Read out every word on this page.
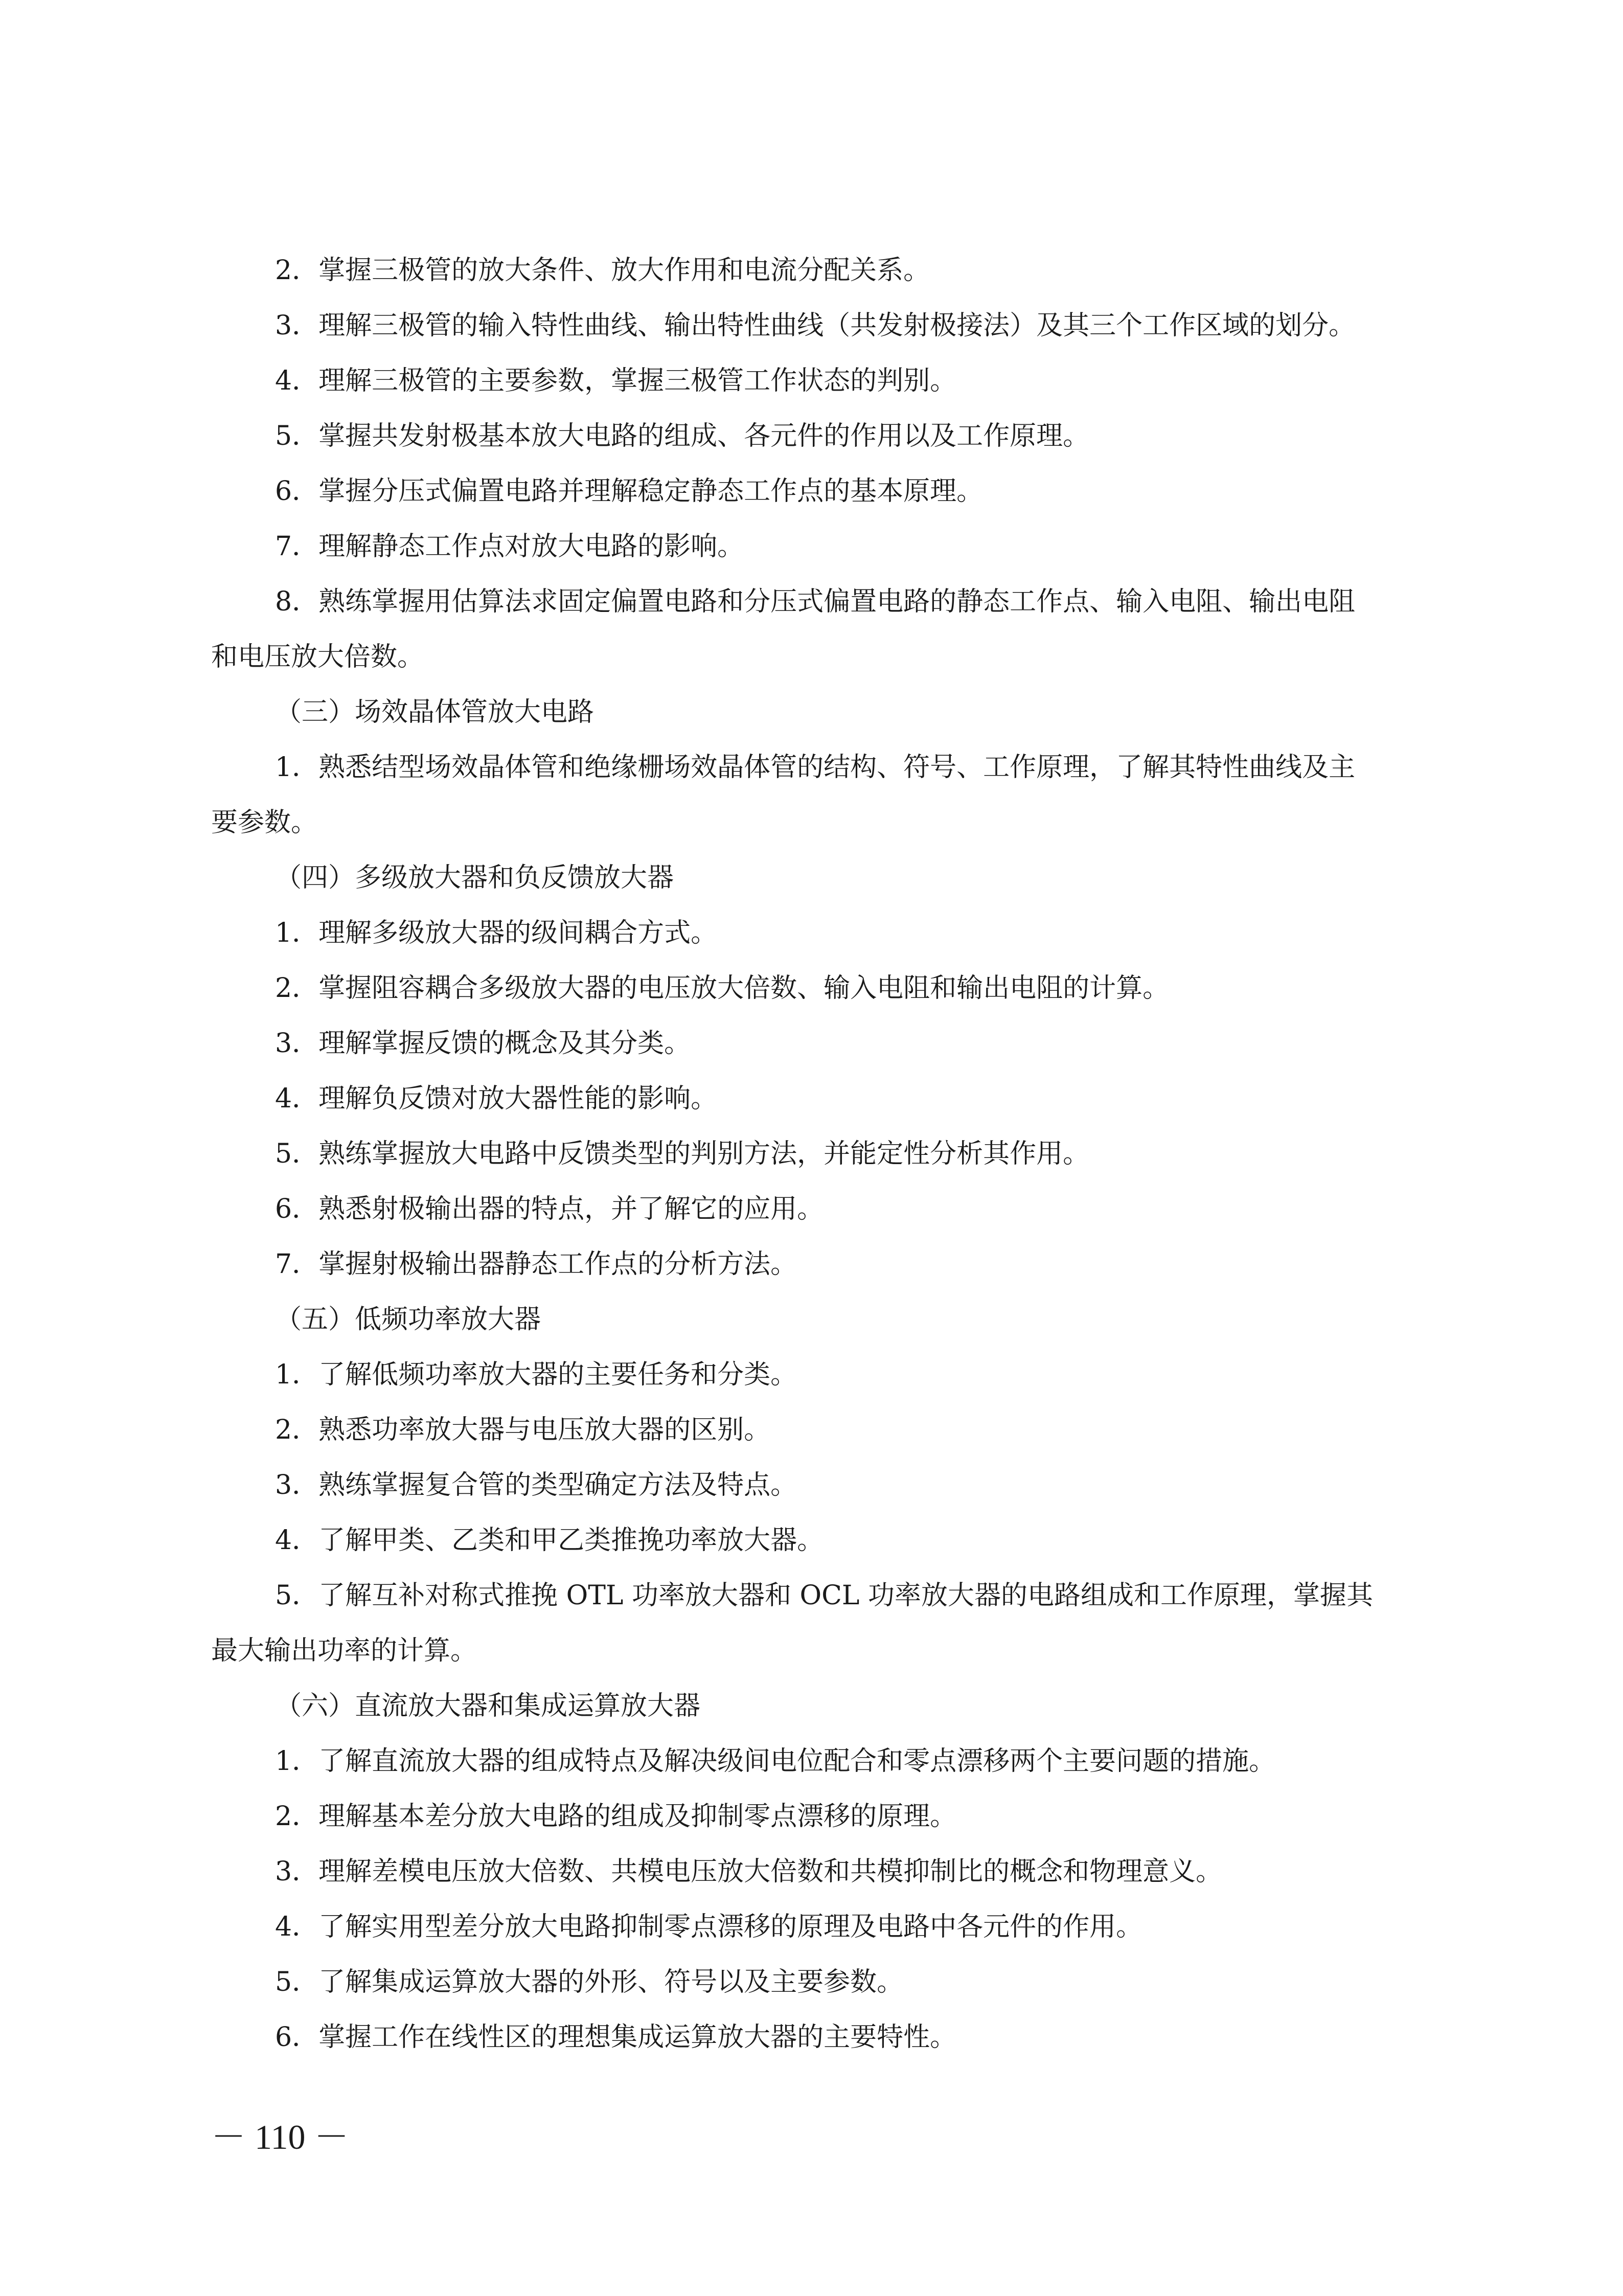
2．掌握三极管的放大条件、放大作用和电流分配关系。
3．理解三极管的输入特性曲线、输出特性曲线（共发射极接法）及其三个工作区域的划分。
4．理解三极管的主要参数，掌握三极管工作状态的判别。
5．掌握共发射极基本放大电路的组成、各元件的作用以及工作原理。
6．掌握分压式偏置电路并理解稳定静态工作点的基本原理。
7．理解静态工作点对放大电路的影响。
8．熟练掌握用估算法求固定偏置电路和分压式偏置电路的静态工作点、输入电阻、输出电阻
和电压放大倍数。
（三）场效晶体管放大电路
1．熟悉结型场效晶体管和绝缘栅场效晶体管的结构、符号、工作原理，了解其特性曲线及主
要参数。
（四）多级放大器和负反馈放大器
1．理解多级放大器的级间耦合方式。
2．掌握阻容耦合多级放大器的电压放大倍数、输入电阻和输出电阻的计算。
3．理解掌握反馈的概念及其分类。
4．理解负反馈对放大器性能的影响。
5．熟练掌握放大电路中反馈类型的判别方法，并能定性分析其作用。
6．熟悉射极输出器的特点，并了解它的应用。
7．掌握射极输出器静态工作点的分析方法。
（五）低频功率放大器
1．了解低频功率放大器的主要任务和分类。
2．熟悉功率放大器与电压放大器的区别。
3．熟练掌握复合管的类型确定方法及特点。
4．了解甲类、乙类和甲乙类推挽功率放大器。
5．了解互补对称式推挽 OTL 功率放大器和 OCL 功率放大器的电路组成和工作原理，掌握其
最大输出功率的计算。
（六）直流放大器和集成运算放大器
1．了解直流放大器的组成特点及解决级间电位配合和零点漂移两个主要问题的措施。
2．理解基本差分放大电路的组成及抑制零点漂移的原理。
3．理解差模电压放大倍数、共模电压放大倍数和共模抑制比的概念和物理意义。
4．了解实用型差分放大电路抑制零点漂移的原理及电路中各元件的作用。
5．了解集成运算放大器的外形、符号以及主要参数。
6．掌握工作在线性区的理想集成运算放大器的主要特性。
－ 110 －
